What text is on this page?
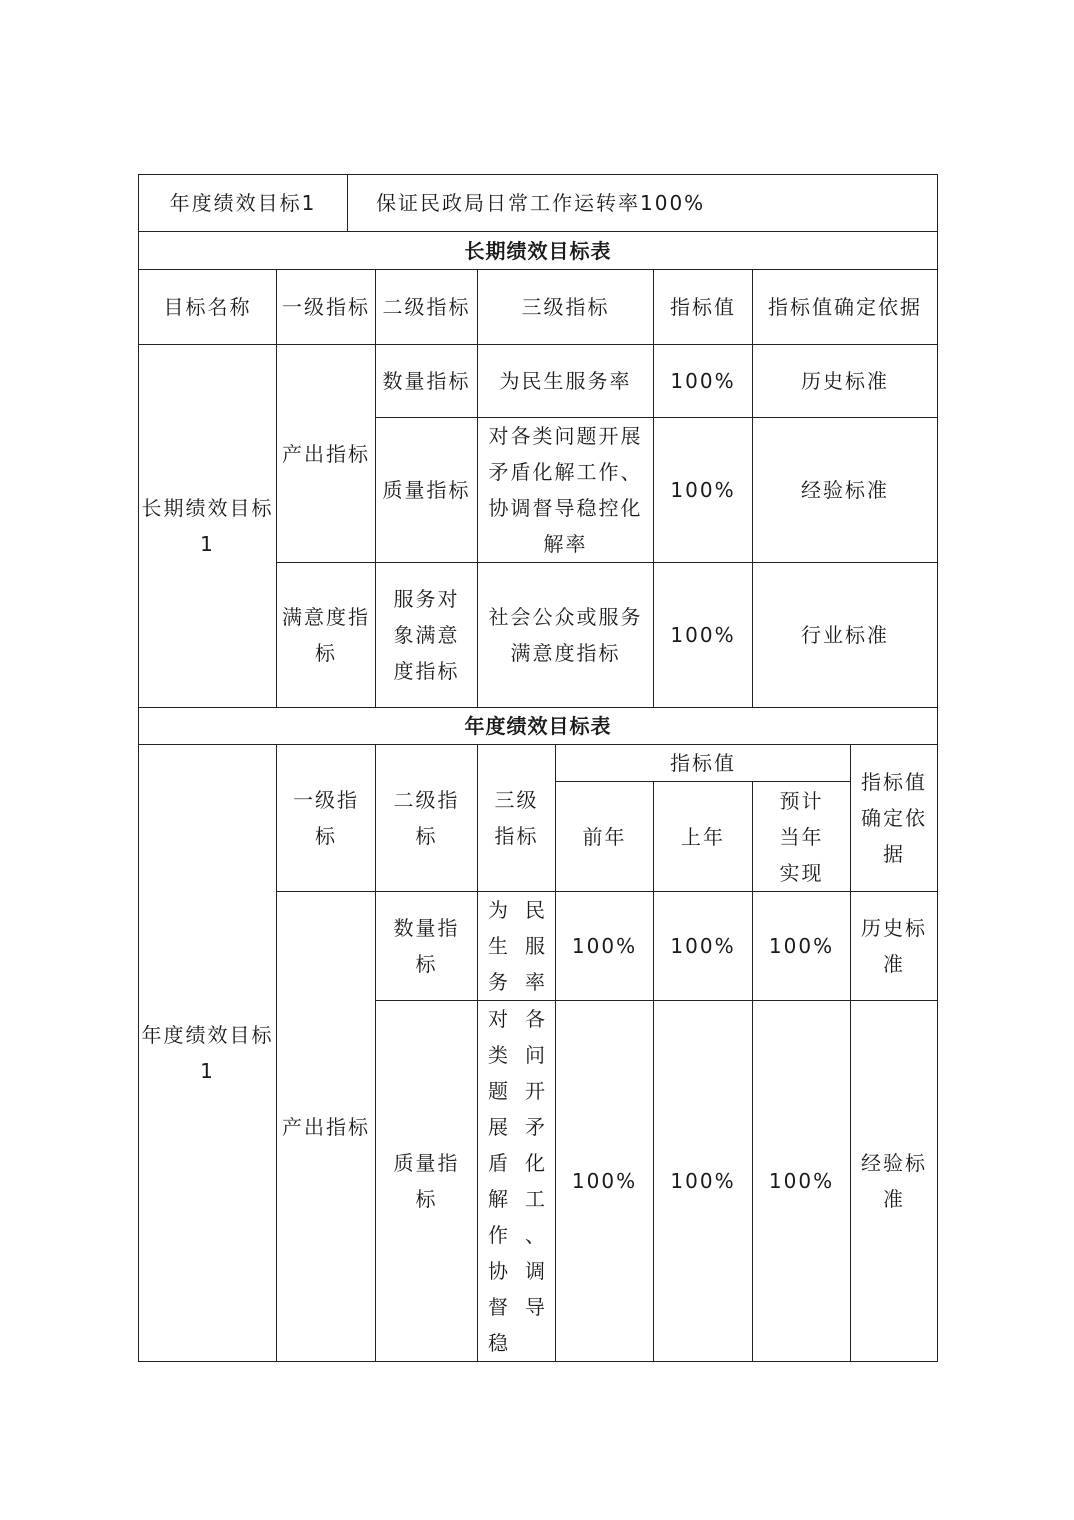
年度绩效目标1	保证民政局日常工作运转率100%
长期绩效目标表					
目标名称	一级指标	二级指标	三级指标	指标值	指标值确定依据
长期绩效目标1	产出指标	数量指标	为民生服务率	100%	历史标准
		质量指标	对各类问题开展矛盾化解工作、协调督导稳控化解率	100%	经验标准
	满意度指标	服务对象满意度指标	社会公众或服务满意度指标	100%	行业标准
年度绩效目标表					
年度绩效目标1	一级指标	二级指标	三级指标	指标值			指标值确定依据
				前年	上年	预计当年实现	
	产出指标	数量指标	为民生服务率	100%	100%	100%	历史标准
		质量指标	对各类问题开展矛盾化解工作、协调督导稳	100%	100%	100%	经验标准
